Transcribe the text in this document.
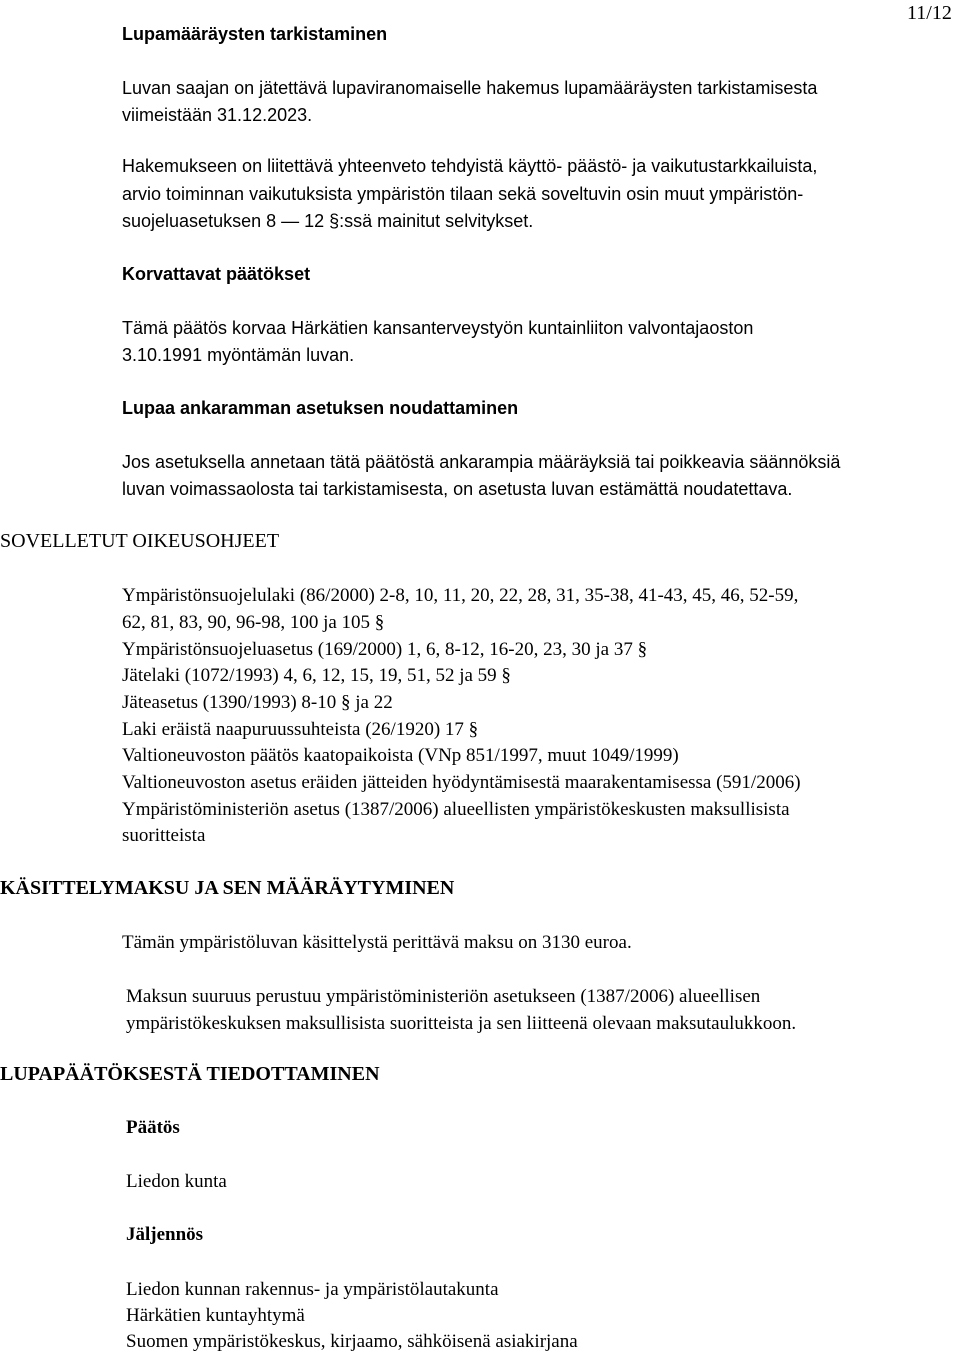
11/12
Lupamääräysten tarkistaminen
Luvan saajan on jätettävä lupaviranomaiselle hakemus lupamääräysten tarkistamisesta
viimeistään 31.12.2023.
Hakemukseen on liitettävä yhteenveto tehdyistä käyttö- päästö- ja vaikutustarkkailuista,
arvio toiminnan vaikutuksista ympäristön tilaan sekä soveltuvin osin muut ympäristön-
suojeluasetuksen 8 — 12 §:ssä mainitut selvitykset.
Korvattavat päätökset
Tämä päätös korvaa Härkätien kansanterveystyön kuntainliiton valvontajaoston
3.10.1991 myöntämän luvan.
Lupaa ankaramman asetuksen noudattaminen
Jos asetuksella annetaan tätä päätöstä ankarampia määräyksiä tai poikkeavia säännöksiä
luvan voimassaolosta tai tarkistamisesta, on asetusta luvan estämättä noudatettava.
SOVELLETUT OIKEUSOHJEET
Ympäristönsuojelulaki (86/2000) 2-8, 10, 11, 20, 22, 28, 31, 35-38, 41-43, 45, 46, 52-59,
62, 81, 83, 90, 96-98, 100 ja 105 §
Ympäristönsuojeluasetus (169/2000) 1, 6, 8-12, 16-20, 23, 30 ja 37 §
Jätelaki (1072/1993) 4, 6, 12, 15, 19, 51, 52 ja 59 §
Jäteasetus (1390/1993) 8-10 § ja 22
Laki eräistä naapuruussuhteista (26/1920) 17 §
Valtioneuvoston päätös kaatopaikoista (VNp 851/1997, muut 1049/1999)
Valtioneuvoston asetus eräiden jätteiden hyödyntämisestä maarakentamisessa (591/2006)
Ympäristöministeriön asetus (1387/2006) alueellisten ympäristökeskusten maksullisista
suoritteista
KÄSITTELYMAKSU JA SEN MÄÄRÄYTYMINEN
Tämän ympäristöluvan käsittelystä perittävä maksu on 3130 euroa.
Maksun suuruus perustuu ympäristöministeriön asetukseen (1387/2006) alueellisen
ympäristökeskuksen maksullisista suoritteista ja sen liitteenä olevaan maksutaulukkoon.
LUPAPÄÄTÖKSESTÄ TIEDOTTAMINEN
Päätös
Liedon kunta
Jäljennös
Liedon kunnan rakennus- ja ympäristölautakunta
Härkätien kuntayhtymä
Suomen ympäristökeskus, kirjaamo, sähköisenä asiakirjana
